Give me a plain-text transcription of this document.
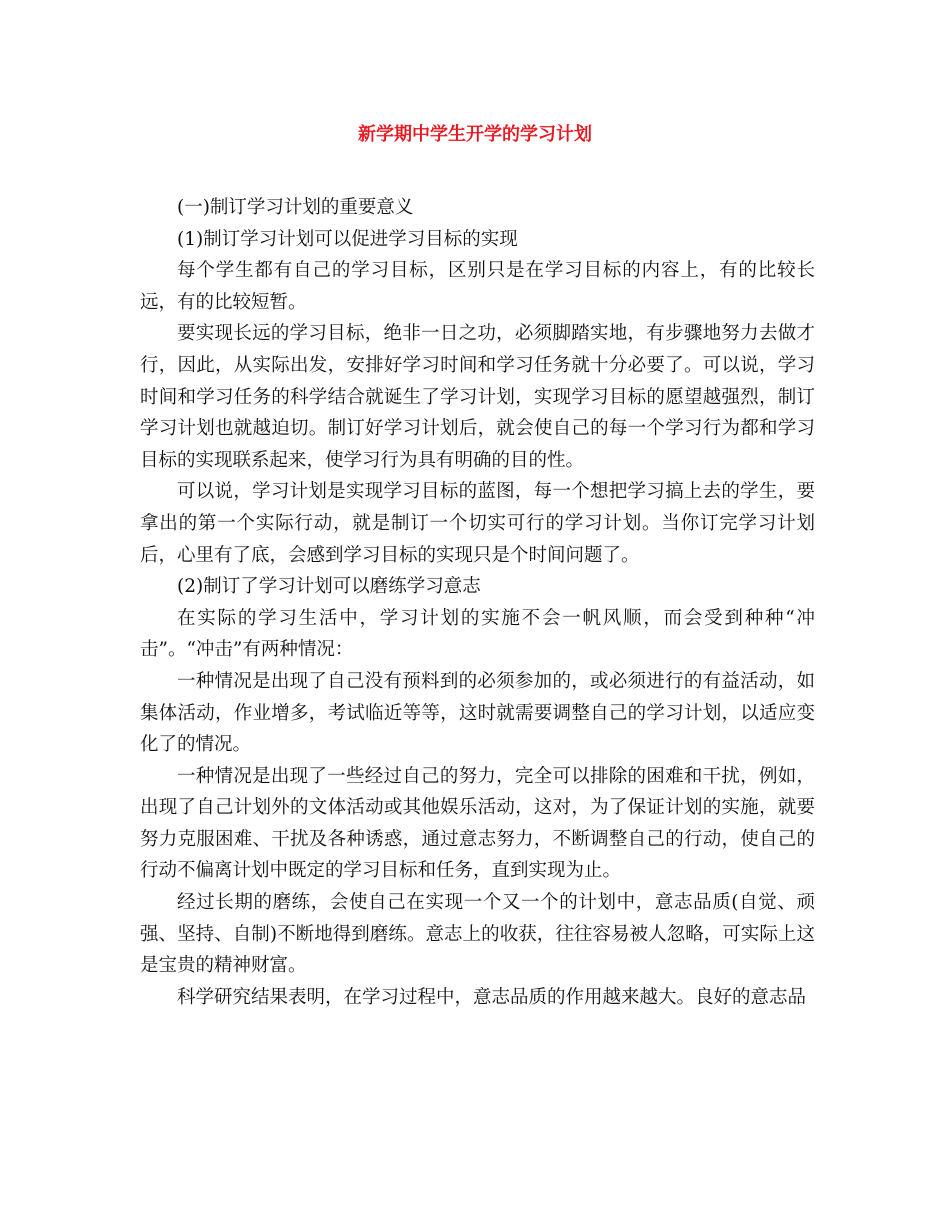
新学期中学生开学的学习计划

(一)制订学习计划的重要意义

(1)制订学习计划可以促进学习目标的实现

每个学生都有自己的学习目标，区别只是在学习目标的内容上，有的比较长远，有的比较短暂。

要实现长远的学习目标，绝非一日之功，必须脚踏实地，有步骤地努力去做才行，因此，从实际出发，安排好学习时间和学习任务就十分必要了。可以说，学习时间和学习任务的科学结合就诞生了学习计划，实现学习目标的愿望越强烈，制订学习计划也就越迫切。制订好学习计划后，就会使自己的每一个学习行为都和学习目标的实现联系起来，使学习行为具有明确的目的性。

可以说，学习计划是实现学习目标的蓝图，每一个想把学习搞上去的学生，要拿出的第一个实际行动，就是制订一个切实可行的学习计划。当你订完学习计划后，心里有了底，会感到学习目标的实现只是个时间问题了。

(2)制订了学习计划可以磨练学习意志

在实际的学习生活中，学习计划的实施不会一帆风顺，而会受到种种“冲击”。“冲击”有两种情况：

一种情况是出现了自己没有预料到的必须参加的，或必须进行的有益活动，如集体活动，作业增多，考试临近等等，这时就需要调整自己的学习计划，以适应变化了的情况。

一种情况是出现了一些经过自己的努力，完全可以排除的困难和干扰，例如，出现了自己计划外的文体活动或其他娱乐活动，这对，为了保证计划的实施，就要努力克服困难、干扰及各种诱惑，通过意志努力，不断调整自己的行动，使自己的行动不偏离计划中既定的学习目标和任务，直到实现为止。

经过长期的磨练，会使自己在实现一个又一个的计划中，意志品质(自觉、顽强、坚持、自制)不断地得到磨练。意志上的收获，往往容易被人忽略，可实际上这是宝贵的精神财富。

科学研究结果表明，在学习过程中，意志品质的作用越来越大。良好的意志品
